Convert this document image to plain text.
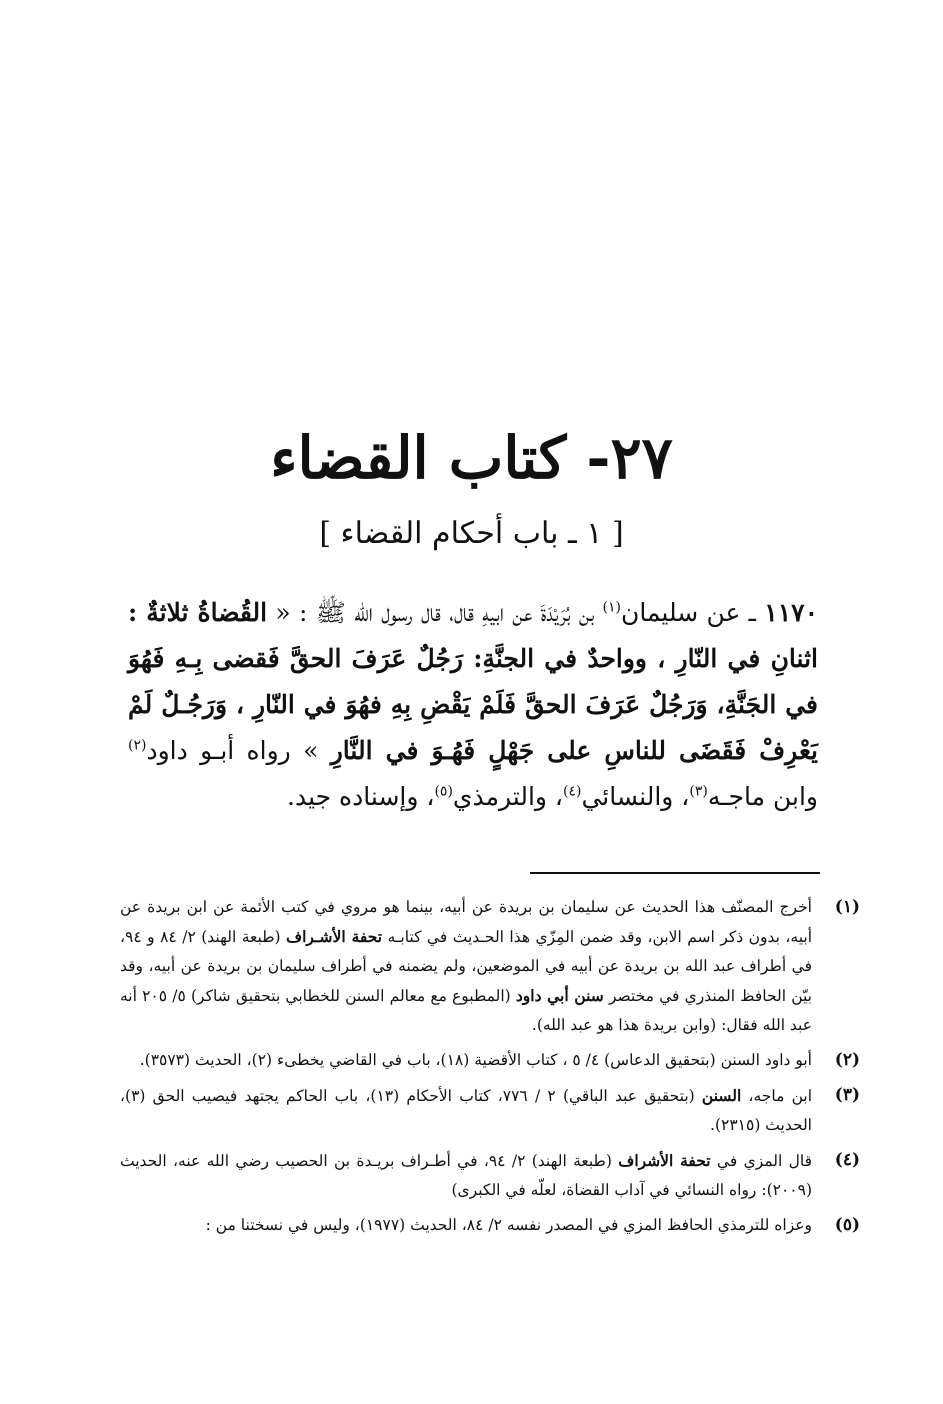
٢٧- كتاب القضاء
[ ١ ـ باب أحكام القضاء ]
١١٧٠ ـ عن سليمان$^{(١)}$ بن بُرَيْدَةَ عن ابيهِ قال، قال رسول الله ﷺ : « القُضاةُ ثلاثةٌ : اثنانِ في النّارِ ، وواحدٌ في الجنَّةِ: رَجُلٌ عَرَفَ الحقَّ فَقضى بِـهِ فَهُوَ في الجَنَّةِ، وَرَجُلٌ عَرَفَ الحقَّ فَلَمْ يَقْضِ بِهِ فهُوَ في النّارِ ، وَرَجُـلٌ لَمْ يَعْرِفْ فَقَضَى للناسِ على جَهْلٍ فَهُـوَ في النَّارِ » رواه أبـو داود$^{(٢)}$ وابن ماجـه$^{(٣)}$، والنسائي$^{(٤)}$، والترمذي$^{(٥)}$، وإسناده جيد.
(١)
أخرج المصنّف هذا الحديث عن سليمان بن بريدة عن أبيه، بينما هو مروي في كتب الأئمة عن ابن بريدة عن أبيه، بدون ذكر اسم الابن، وقد ضمن المِزّي هذا الحـديث في كتابـه تحفة الأشـراف (طبعة الهند) ٢/ ٨٤ و ٩٤، في أطراف عبد الله بن بريدة عن أبيه في الموضعين، ولم يضمنه في أطراف سليمان بن بريدة عن أبيه، وقد بيّن الحافظ المنذري في مختصر سنن أبي داود (المطبوع مع معالم السنن للخطابي بتحقيق شاكر) ٥/ ٢٠٥ أنه عبد الله فقال: (وابن بريدة هذا هو عبد الله).
(٢)
أبو داود السنن (بتحقيق الدعاس) ٤/ ٥ ، كتاب الأقضية (١٨)، باب في القاضي يخطىء (٢)، الحديث (٣٥٧٣).
(٣)
ابن ماجه، السنن (بتحقيق عبد الباقي) ٢ / ٧٧٦، كتاب الأحكام (١٣)، باب الحاكم يجتهد فيصيب الحق (٣)، الحديث (٢٣١٥).
(٤)
قال المزي في تحفة الأشراف (طبعة الهند) ٢/ ٩٤، في أطـراف بريـدة بن الحصيب رضي الله عنه، الحديث (٢٠٠٩): رواه النسائي في آداب القضاة، لعلّه في الكبرى)
(٥)
وعزاه للترمذي الحافظ المزي في المصدر نفسه ٢/ ٨٤، الحديث (١٩٧٧)، وليس في نسختنا من :
